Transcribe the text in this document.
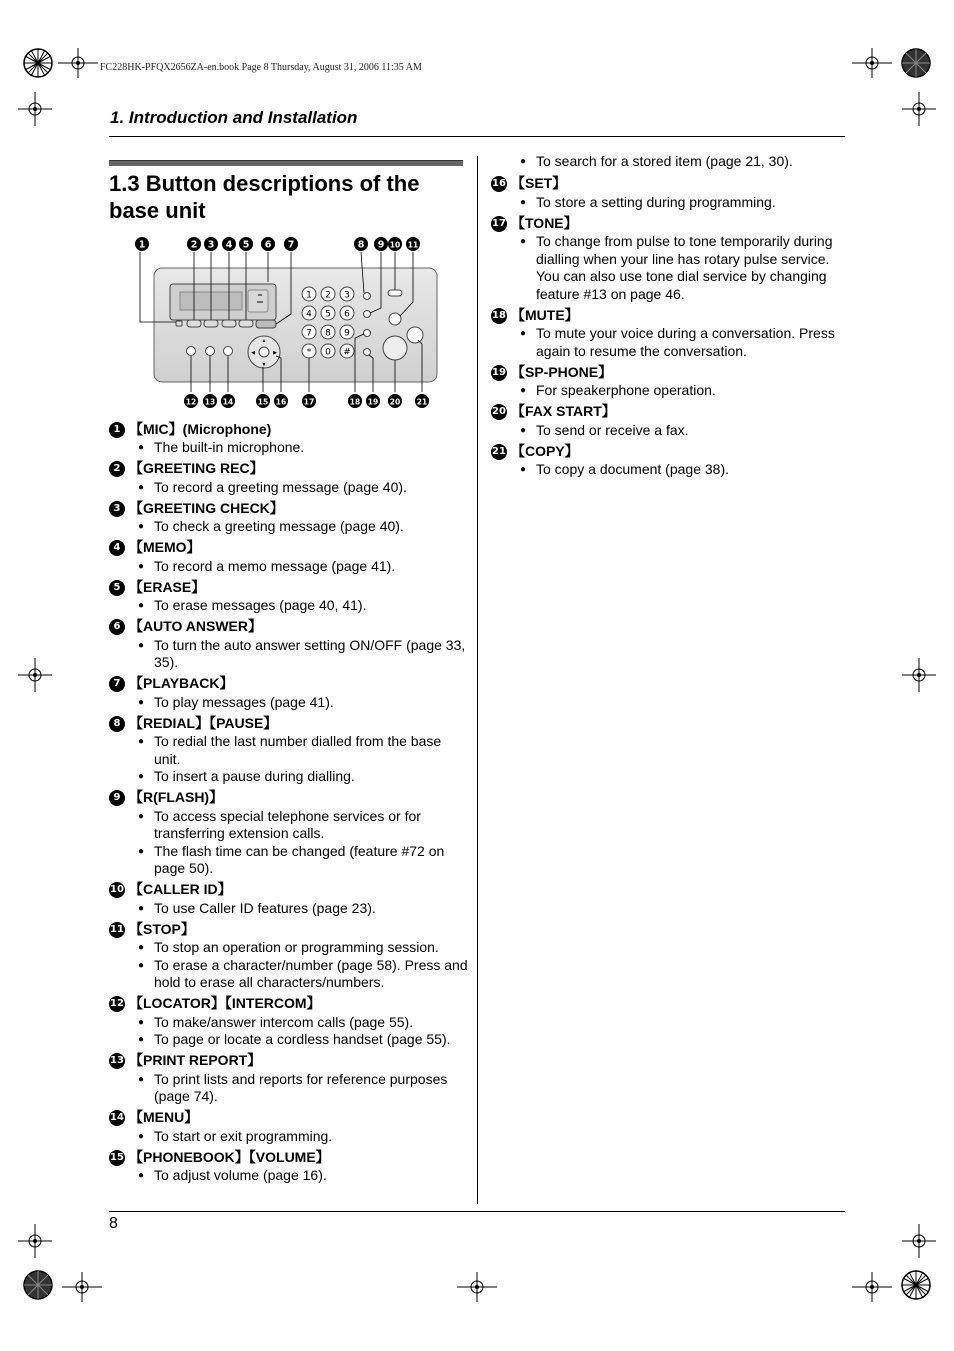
FC228HK-PFQX2656ZA-en.book Page 8 Thursday, August 31, 2006 11:35 AM
1. Introduction and Installation
1.3 Button descriptions of the base unit
1	2 3 4 5 6 7	8 9 10 11
12 13 14	15 16 17	18 19 20 21
▲
▼
◀	▶
1 2 3
4 5 6
7 8 9
* 0 #
1 【MIC】 (Microphone)
● The built-in microphone.
2 【GREETING REC】
● To record a greeting message (page 40).
3 【GREETING CHECK】
● To check a greeting message (page 40).
4 【MEMO】
● To record a memo message (page 41).
5 【ERASE】
● To erase messages (page 40, 41).
6 【AUTO ANSWER】
● To turn the auto answer setting ON/OFF (page 33, 35).
7 【PLAYBACK】
● To play messages (page 41).
8 【REDIAL】【PAUSE】
● To redial the last number dialled from the base unit.
● To insert a pause during dialling.
9 【R(FLASH)】
● To access special telephone services or for transferring extension calls.
● The flash time can be changed (feature #72 on page 50).
10 【CALLER ID】
● To use Caller ID features (page 23).
11 【STOP】
● To stop an operation or programming session.
● To erase a character/number (page 58). Press and hold to erase all characters/numbers.
12 【LOCATOR】【INTERCOM】
● To make/answer intercom calls (page 55).
● To page or locate a cordless handset (page 55).
13 【PRINT REPORT】
● To print lists and reports for reference purposes (page 74).
14 【MENU】
● To start or exit programming.
15 【PHONEBOOK】【VOLUME】
● To adjust volume (page 16).
● To search for a stored item (page 21, 30).
16 【SET】
● To store a setting during programming.
17 【TONE】
● To change from pulse to tone temporarily during dialling when your line has rotary pulse service. You can also use tone dial service by changing feature #13 on page 46.
18 【MUTE】
● To mute your voice during a conversation. Press again to resume the conversation.
19 【SP-PHONE】
● For speakerphone operation.
20 【FAX START】
● To send or receive a fax.
21 【COPY】
● To copy a document (page 38).
8
